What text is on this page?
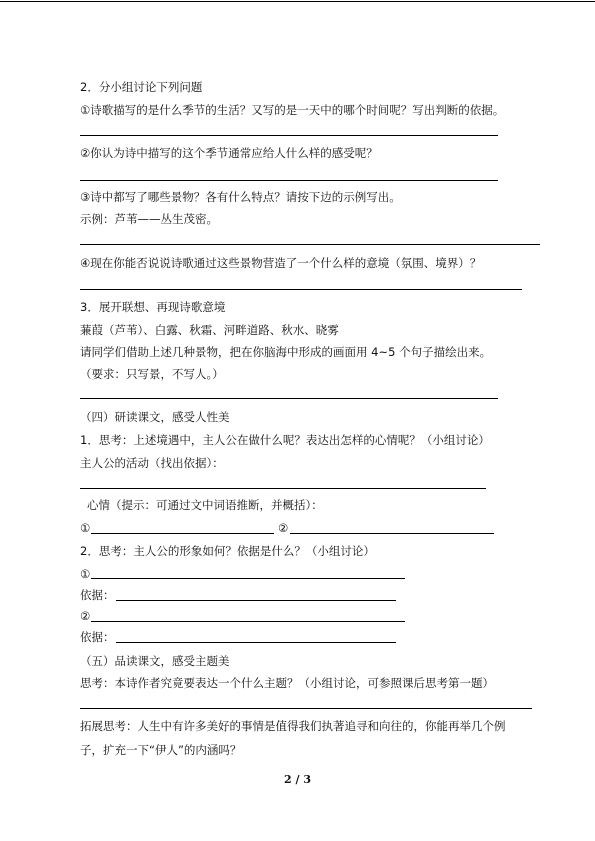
2．分小组讨论下列问题
①诗歌描写的是什么季节的生活？又写的是一天中的哪个时间呢？写出判断的依据。
②你认为诗中描写的这个季节通常应给人什么样的感受呢？
③诗中都写了哪些景物？各有什么特点？请按下边的示例写出。
示例：芦苇——丛生茂密。
④现在你能否说说诗歌通过这些景物营造了一个什么样的意境（氛围、境界）？
3．展开联想、再现诗歌意境
蒹葭（芦苇）、白露、秋霜、河畔道路、秋水、晓雾
请同学们借助上述几种景物，把在你脑海中形成的画面用 4~5 个句子描绘出来。
（要求：只写景，不写人。）
（四）研读课文，感受人性美
1．思考：上述境遇中，主人公在做什么呢？表达出怎样的心情呢？（小组讨论）
主人公的活动（找出依据）：
心情（提示：可通过文中词语推断，并概括）：
①	②
2．思考：主人公的形象如何？依据是什么？（小组讨论）
①
依据：
②
依据：
（五）品读课文，感受主题美
思考：本诗作者究竟要表达一个什么主题？（小组讨论，可参照课后思考第一题）
拓展思考：人生中有许多美好的事情是值得我们执著追寻和向往的，你能再举几个例
子，扩充一下“伊人”的内涵吗？
2 / 3
